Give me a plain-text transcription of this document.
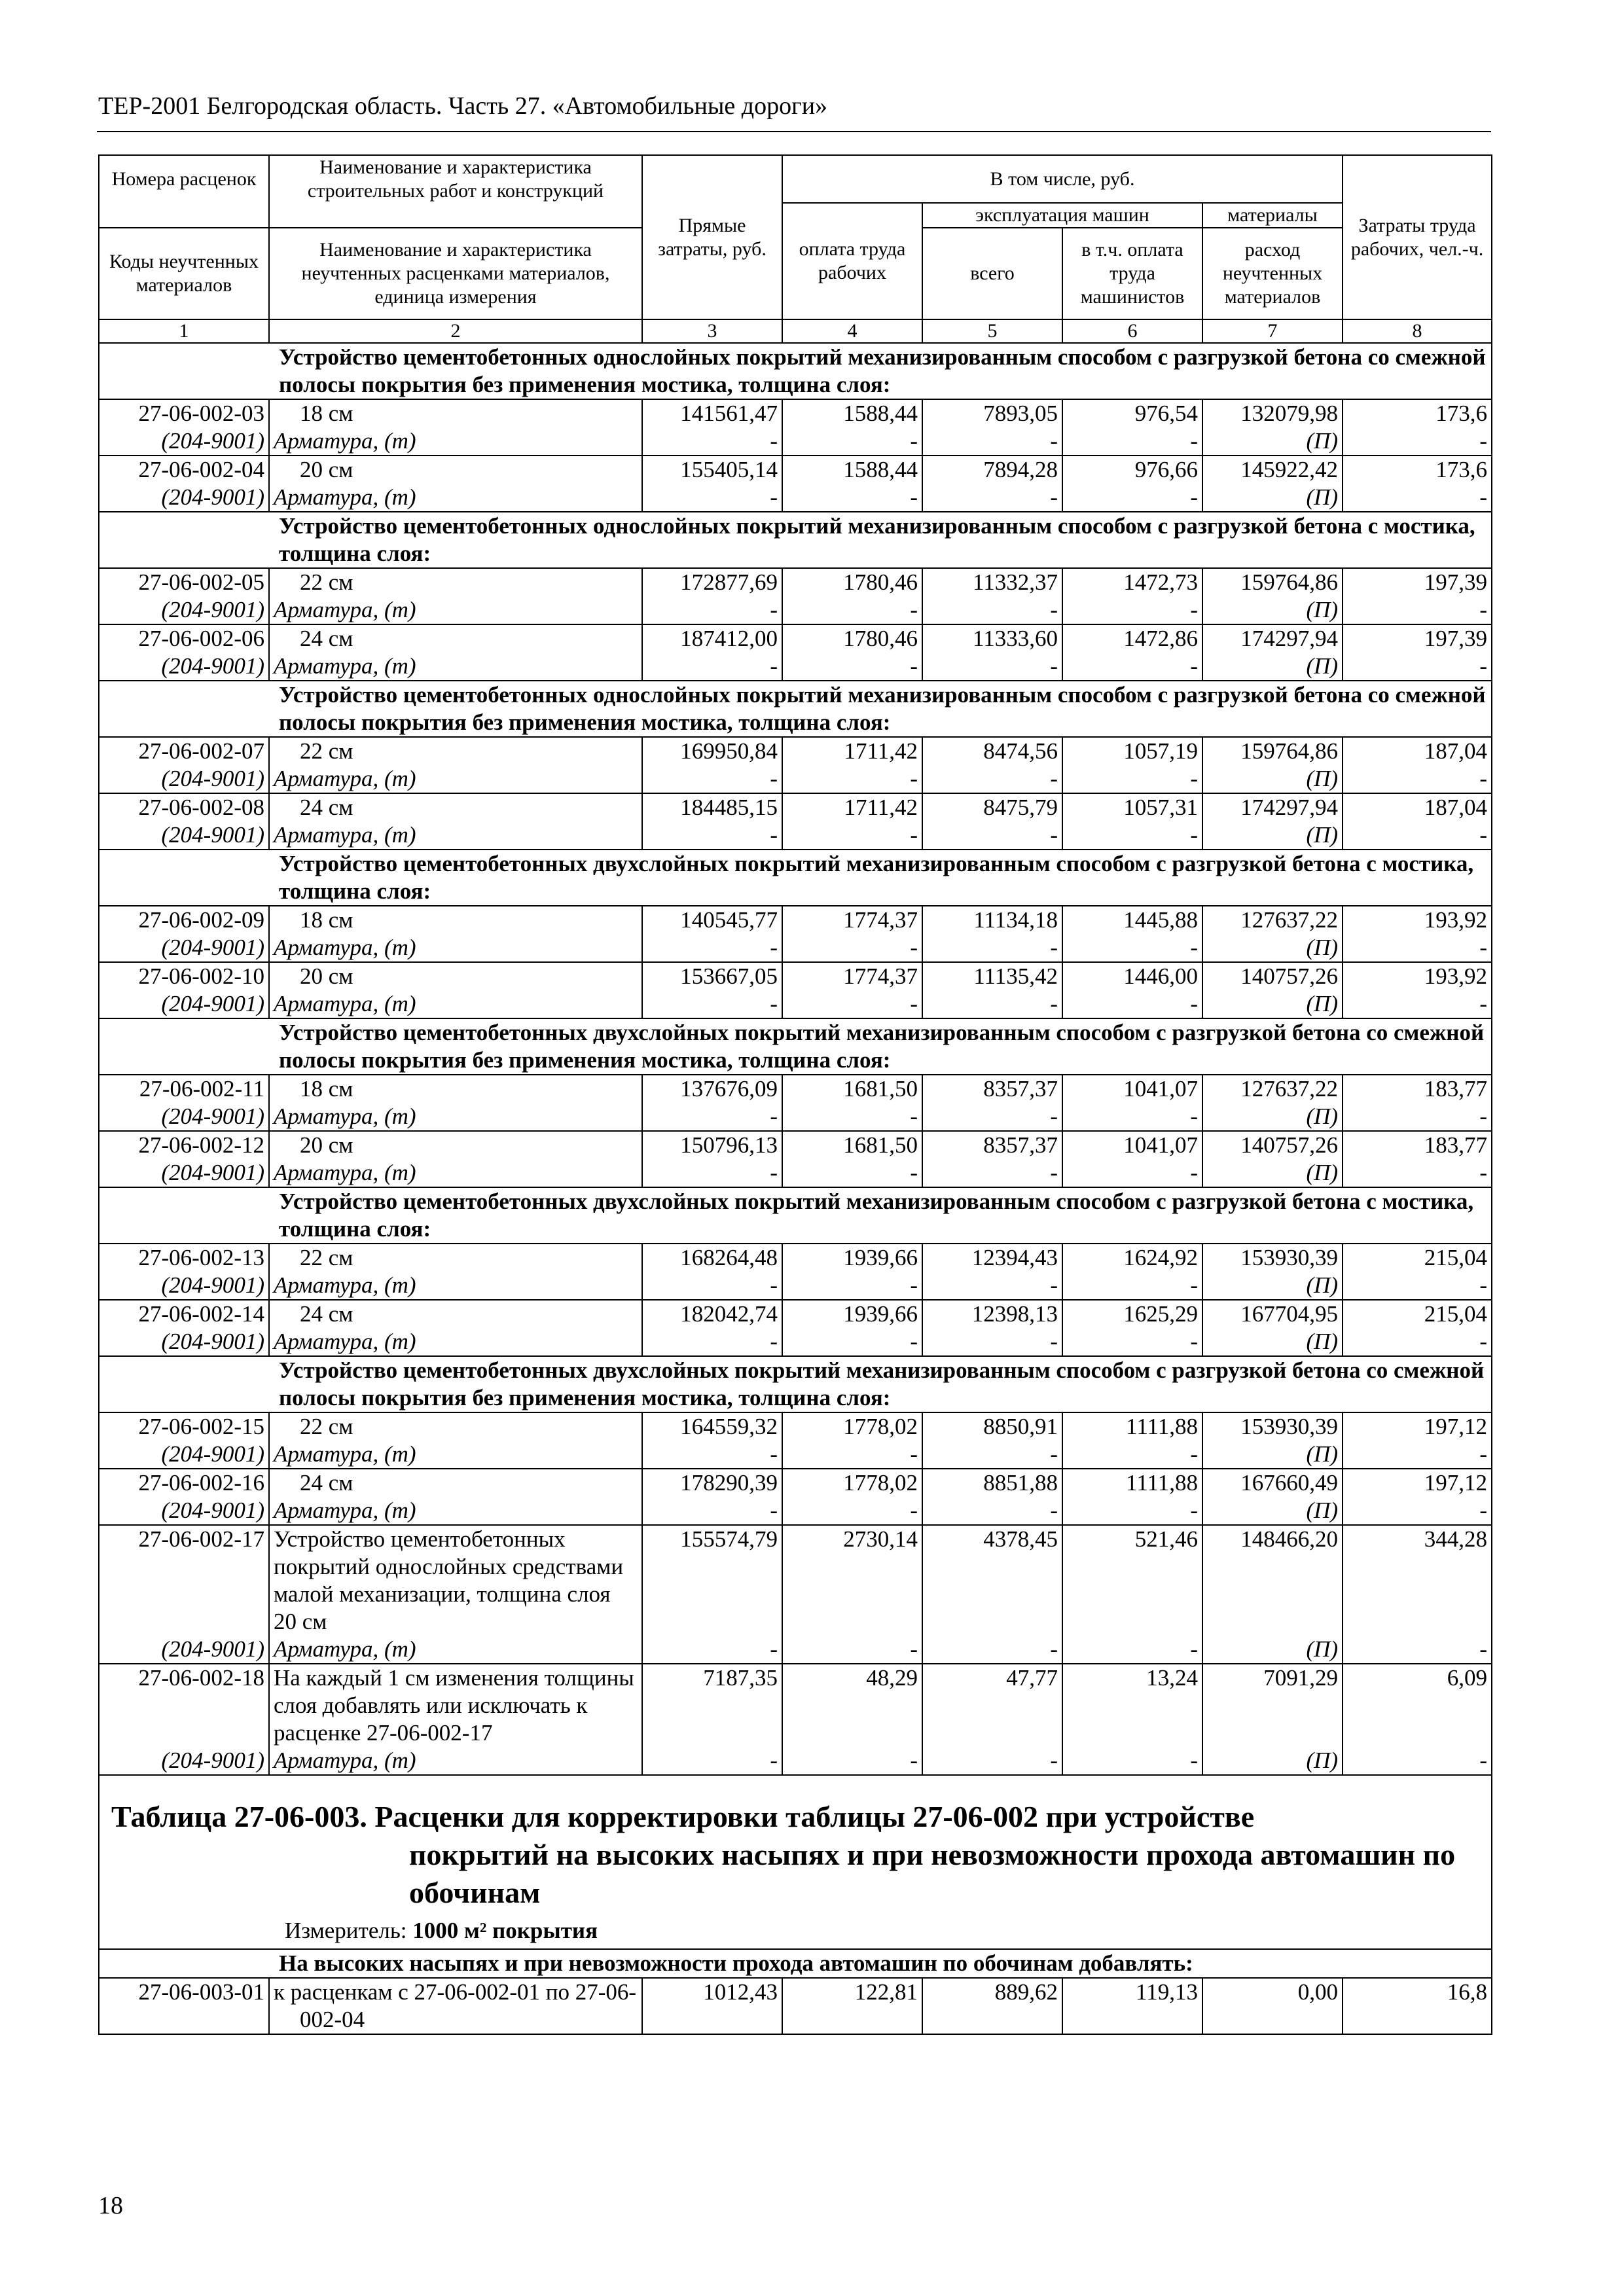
ТЕР-2001 Белгородская область. Часть 27. «Автомобильные дороги»
Номера расценок	Наименование и характеристика строительных работ и конструкций	Прямые затраты, руб.	В том числе, руб.				Затраты труда рабочих, чел.-ч.
			оплата труда рабочих	эксплуатация машин		материалы	
Коды неучтенных материалов	Наименование и характеристика неучтенных расценками материалов, единица измерения			всего	в т.ч. оплата труда машинистов	расход неучтенных материалов	
1	2	3	4	5	6	7	8
Устройство цементобетонных однослойных покрытий механизированным способом с разгрузкой бетона со смежной полосы покрытия без применения мостика, толщина слоя:							
27-06-002-03	18 см	141561,47	1588,44	7893,05	976,54	132079,98	173,6
(204-9001)	Арматура, (т)	-	-	-	-	(П)	-
27-06-002-04	20 см	155405,14	1588,44	7894,28	976,66	145922,42	173,6
(204-9001)	Арматура, (т)	-	-	-	-	(П)	-
Устройство цементобетонных однослойных покрытий механизированным способом с разгрузкой бетона с мостика, толщина слоя:							
27-06-002-05	22 см	172877,69	1780,46	11332,37	1472,73	159764,86	197,39
(204-9001)	Арматура, (т)	-	-	-	-	(П)	-
27-06-002-06	24 см	187412,00	1780,46	11333,60	1472,86	174297,94	197,39
(204-9001)	Арматура, (т)	-	-	-	-	(П)	-
Устройство цементобетонных однослойных покрытий механизированным способом с разгрузкой бетона со смежной полосы покрытия без применения мостика, толщина слоя:							
27-06-002-07	22 см	169950,84	1711,42	8474,56	1057,19	159764,86	187,04
(204-9001)	Арматура, (т)	-	-	-	-	(П)	-
27-06-002-08	24 см	184485,15	1711,42	8475,79	1057,31	174297,94	187,04
(204-9001)	Арматура, (т)	-	-	-	-	(П)	-
Устройство цементобетонных двухслойных покрытий механизированным способом с разгрузкой бетона с мостика, толщина слоя:							
27-06-002-09	18 см	140545,77	1774,37	11134,18	1445,88	127637,22	193,92
(204-9001)	Арматура, (т)	-	-	-	-	(П)	-
27-06-002-10	20 см	153667,05	1774,37	11135,42	1446,00	140757,26	193,92
(204-9001)	Арматура, (т)	-	-	-	-	(П)	-
Устройство цементобетонных двухслойных покрытий механизированным способом с разгрузкой бетона со смежной полосы покрытия без применения мостика, толщина слоя:							
27-06-002-11	18 см	137676,09	1681,50	8357,37	1041,07	127637,22	183,77
(204-9001)	Арматура, (т)	-	-	-	-	(П)	-
27-06-002-12	20 см	150796,13	1681,50	8357,37	1041,07	140757,26	183,77
(204-9001)	Арматура, (т)	-	-	-	-	(П)	-
Устройство цементобетонных двухслойных покрытий механизированным способом с разгрузкой бетона с мостика, толщина слоя:							
27-06-002-13	22 см	168264,48	1939,66	12394,43	1624,92	153930,39	215,04
(204-9001)	Арматура, (т)	-	-	-	-	(П)	-
27-06-002-14	24 см	182042,74	1939,66	12398,13	1625,29	167704,95	215,04
(204-9001)	Арматура, (т)	-	-	-	-	(П)	-
Устройство цементобетонных двухслойных покрытий механизированным способом с разгрузкой бетона со смежной полосы покрытия без применения мостика, толщина слоя:							
27-06-002-15	22 см	164559,32	1778,02	8850,91	1111,88	153930,39	197,12
(204-9001)	Арматура, (т)	-	-	-	-	(П)	-
27-06-002-16	24 см	178290,39	1778,02	8851,88	1111,88	167660,49	197,12
(204-9001)	Арматура, (т)	-	-	-	-	(П)	-
27-06-002-17	Устройство цементобетонных покрытий однослойных средствами малой механизации, толщина слоя 20 см	155574,79	2730,14	4378,45	521,46	148466,20	344,28
(204-9001)	Арматура, (т)	-	-	-	-	(П)	-
27-06-002-18	На каждый 1 см изменения толщины слоя добавлять или исключать к расценке 27-06-002-17	7187,35	48,29	47,77	13,24	7091,29	6,09
(204-9001)	Арматура, (т)	-	-	-	-	(П)	-

Таблица 27-06-003. Расценки для корректировки таблицы 27-06-002 при устройстве
покрытий на высоких насыпях и при невозможности прохода автомашин по обочинам
Измеритель: 1000 м² покрытия							

На высоких насыпях и при невозможности прохода автомашин по обочинам добавлять:							
27-06-003-01	к расценкам с 27-06-002-01 по 27-06-002-04	1012,43	122,81	889,62	119,13	0,00	16,8
18
